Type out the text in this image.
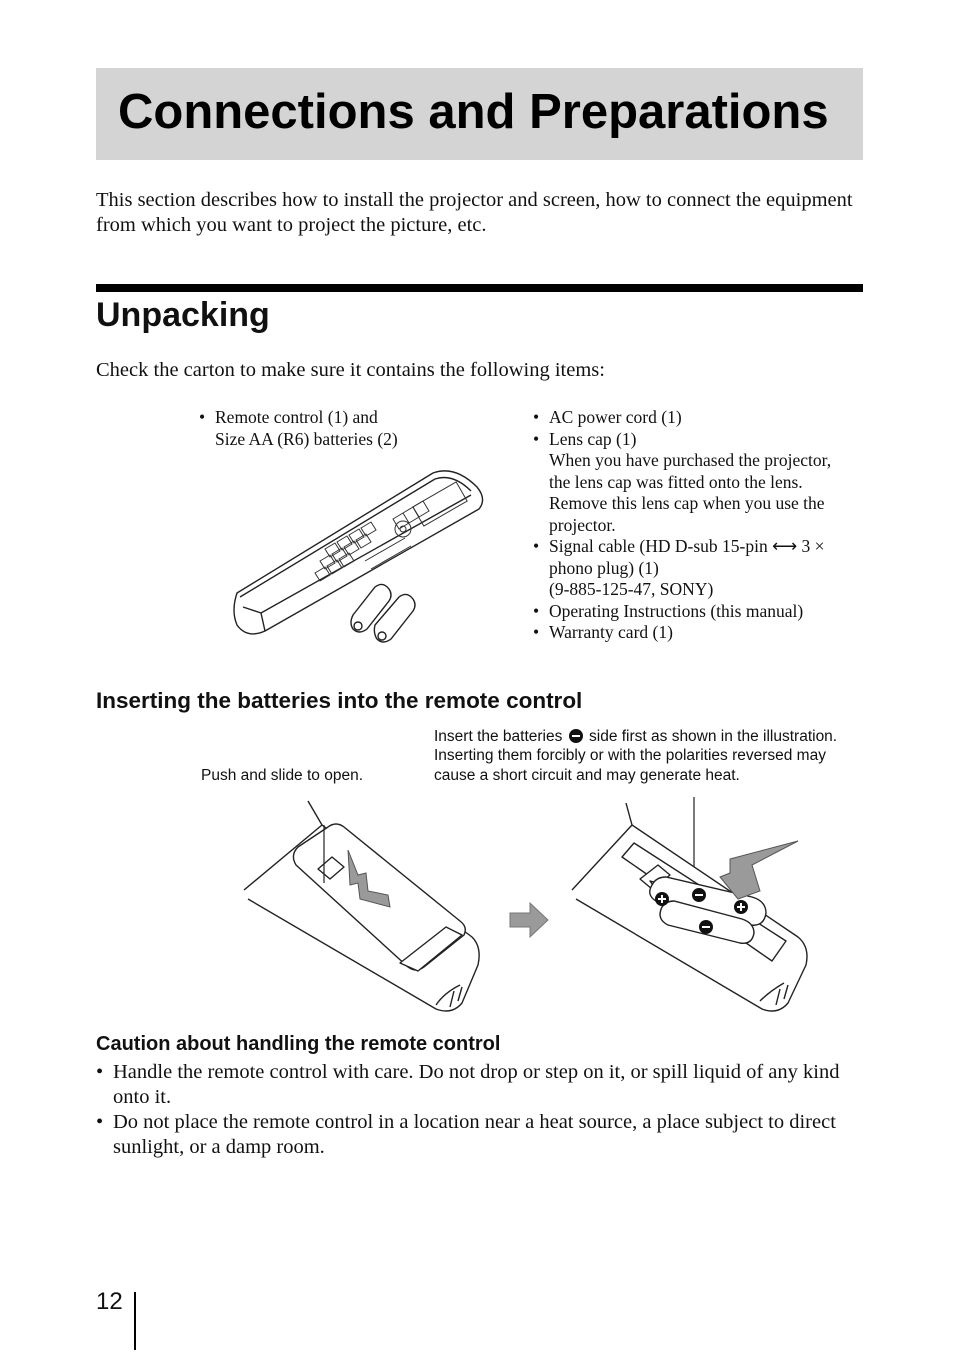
Connections and Preparations

This section describes how to install the projector and screen, how to connect the equipment from which you want to project the picture, etc.

Unpacking

Check the carton to make sure it contains the following items:

• Remote control (1) and
Size AA (R6) batteries (2)
• AC power cord (1)
• Lens cap (1)
When you have purchased the projector,
the lens cap was fitted onto the lens.
Remove this lens cap when you use the
projector.
• Signal cable (HD D-sub 15-pin ⟷ 3 ×
phono plug) (1)
(9-885-125-47, SONY)
• Operating Instructions (this manual)
• Warranty card (1)
Inserting the batteries into the remote control

Push and slide to open.

Insert the batteries side first as shown in the illustration.
Inserting them forcibly or with the polarities reversed may
cause a short circuit and may generate heat.
Caution about handling the remote control
• Handle the remote control with care. Do not drop or step on it, or spill liquid of any kind onto it.
• Do not place the remote control in a location near a heat source, a place subject to direct sunlight, or a damp room.
12
